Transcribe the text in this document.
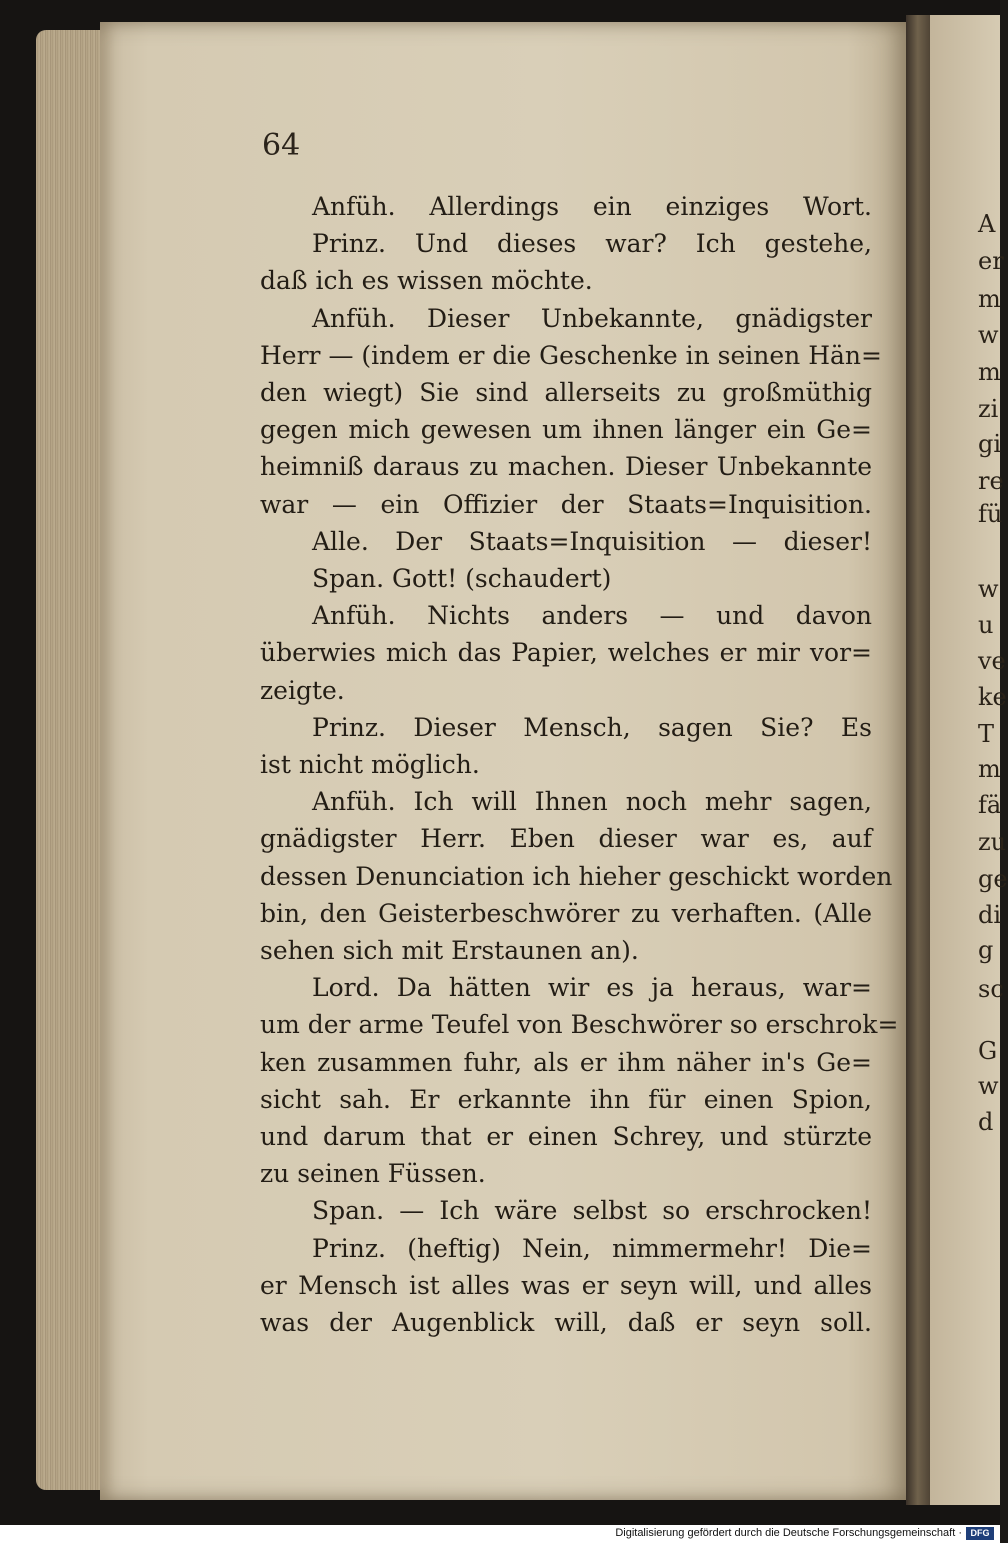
A
er
m
w
m
zi
gi
re
fü
w
u
ve
ke
T
m
fä
zu
ge
di
g
sc
G
w
d
64
Anfüh. Allerdings ein einziges Wort.
Prinz. Und dieses war? Ich gestehe,
daß ich es wissen möchte.
Anfüh. Dieser Unbekannte, gnädigster
Herr — (indem er die Geschenke in seinen Hän=
den wiegt) Sie sind allerseits zu großmüthig
gegen mich gewesen um ihnen länger ein Ge=
heimniß daraus zu machen. Dieser Unbekannte
war — ein Offizier der Staats=Inquisition.
Alle. Der Staats=Inquisition — dieser!
Span. Gott! (schaudert)
Anfüh. Nichts anders — und davon
überwies mich das Papier, welches er mir vor=
zeigte.
Prinz. Dieser Mensch, sagen Sie? Es
ist nicht möglich.
Anfüh. Ich will Ihnen noch mehr sagen,
gnädigster Herr. Eben dieser war es, auf
dessen Denunciation ich hieher geschickt worden
bin, den Geisterbeschwörer zu verhaften. (Alle
sehen sich mit Erstaunen an).
Lord. Da hätten wir es ja heraus, war=
um der arme Teufel von Beschwörer so erschrok=
ken zusammen fuhr, als er ihm näher in's Ge=
sicht sah. Er erkannte ihn für einen Spion,
und darum that er einen Schrey, und stürzte
zu seinen Füssen.
Span. — Ich wäre selbst so erschrocken!
Prinz. (heftig) Nein, nimmermehr! Die=
er Mensch ist alles was er seyn will, und alles
was der Augenblick will, daß er seyn soll.
Digitalisierung gefördert durch die Deutsche Forschungsgemeinschaft · DFG
